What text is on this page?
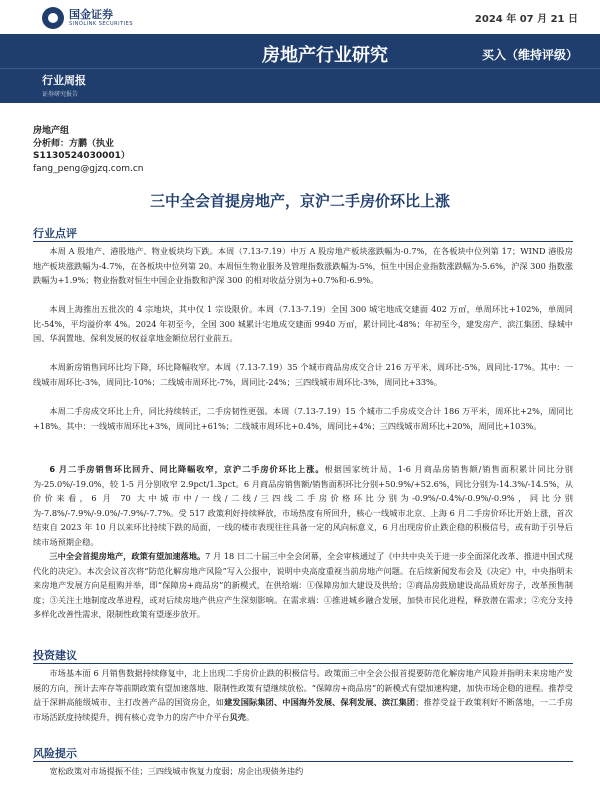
国金证券
SINOLINK SECURITIES	2024 年 07 月 21 日
房地产行业研究	买入（维持评级）
行业周报
证券研究报告
房地产组
分析师：方鹏（执业
S1130524030001）
fang_peng@gjzq.com.cn
三中全会首提房地产，京沪二手房价环比上涨
行业点评
本周 A 股地产、港股地产、物业板块均下跌。本周（7.13-7.19）中万 A 股房地产板块涨跌幅为-0.7%，在各板块中位列第 17；WIND 港股房地产板块涨跌幅为-4.7%，在各板块中位列第 20。本周恒生物业服务及管理指数涨跌幅为-5%，恒生中国企业指数涨跌幅为-5.6%，沪深 300 指数涨跌幅为+1.9%；物业指数对恒生中国企业指数和沪深 300 的相对收益分别为+0.7%和-6.9%。
本周上海推出五批次的 4 宗地块，其中仅 1 宗设限价。本周（7.13-7.19）全国 300 城宅地成交建面 402 万㎡，单周环比+102%，单周同比-54%，平均溢价率 4%。2024 年初至今，全国 300 城累计宅地成交建面 9940 万㎡，累计同比-48%；年初至今，建发房产、滨江集团、绿城中国、华润置地、保利发展的权益拿地金额位居行业前五。
本周新房销售同环比均下降，环比降幅收窄。本周（7.13-7.19）35 个城市商品房成交合计 216 万平米，周环比-5%，周同比-17%。其中：一线城市周环比-3%，周同比-10%；二线城市周环比-7%，周同比-24%；三四线城市周环比-3%，周同比+33%。
本周二手房成交环比上升，同比持续转正，二手房韧性更强。本周（7.13-7.19）15 个城市二手房成交合计 186 万平米，周环比+2%，周同比+18%。其中：一线城市周环比+3%，周同比+61%；二线城市周环比+0.4%，周同比+4%；三四线城市周环比+20%，周同比+103%。
6 月二手房销售环比回升、同比降幅收窄，京沪二手房价环比上涨。根据国家统计局，1-6 月商品房销售额/销售面积累计同比分别为-25.0%/-19.0%，较 1-5 月分别收窄 2.9pct/1.3pct。6 月商品房销售额/销售面积环比分别+50.9%/+52.6%，同比分别为-14.3%/-14.5%，从价价来看，6 月 70 大中城市中/一线/二线/三四线二手房价格环比分别为-0.9%/-0.4%/-0.9%/-0.9%，同比分别为-7.8%/-7.9%/-9.0%/-7.9%/-7.7%。受 517 政策利好持续释放，市场热度有所回升，核心一线城市北京、上海 6 月二手房价环比开始上涨，首次结束自 2023 年 10 月以来环比持续下跌的局面，一线的楼市表现往往具备一定的风向标意义，6 月出现房价止跌企稳的积极信号，或有助于引导后续市场预期企稳。
三中全会首提房地产，政策有望加速落地。7 月 18 日二十届三中全会闭幕，全会审核通过了《中共中央关于进一步全面深化改革、推进中国式现代化的决定》。本次会议首次将“防范化解房地产风险”写入公报中，说明中央高度重视当前房地产问题。在后续新闻发布会及《决定》中，中央指明未来房地产发展方向是租购并举，即“保障房+商品房”的新模式，在供给端：①保障房加大建设及供给；②商品房鼓励建设高品质好房子，改革预售制度；③关注土地制度改革进程，或对后续房地产供应产生深刻影响。在需求端：①推进城乡融合发展，加快市民化进程，释放潜在需求；②充分支持多样化改善性需求，限制性政策有望逐步放开。
投资建议
市场基本面 6 月销售数据持续修复中，北上出现二手房价止跌的积极信号。政策面三中全会公报首提要防范化解房地产风险并指明未来房地产发展的方向，预计去库存等前期政策有望加速落地、限制性政策有望继续放松。“保障房+商品房”的新模式有望加速构建，加快市场企稳的进程。推荐受益于深耕高能级城市、主打改善产品的国资房企，如建发国际集团、中国海外发展、保利发展、滨江集团；推荐受益于政策利好不断落地，一二手房市场活跃度持续提升，拥有核心竞争力的房产中介平台贝壳。
风险提示
宽松政策对市场提振不佳；三四线城市恢复力度弱；房企出现债务违约
